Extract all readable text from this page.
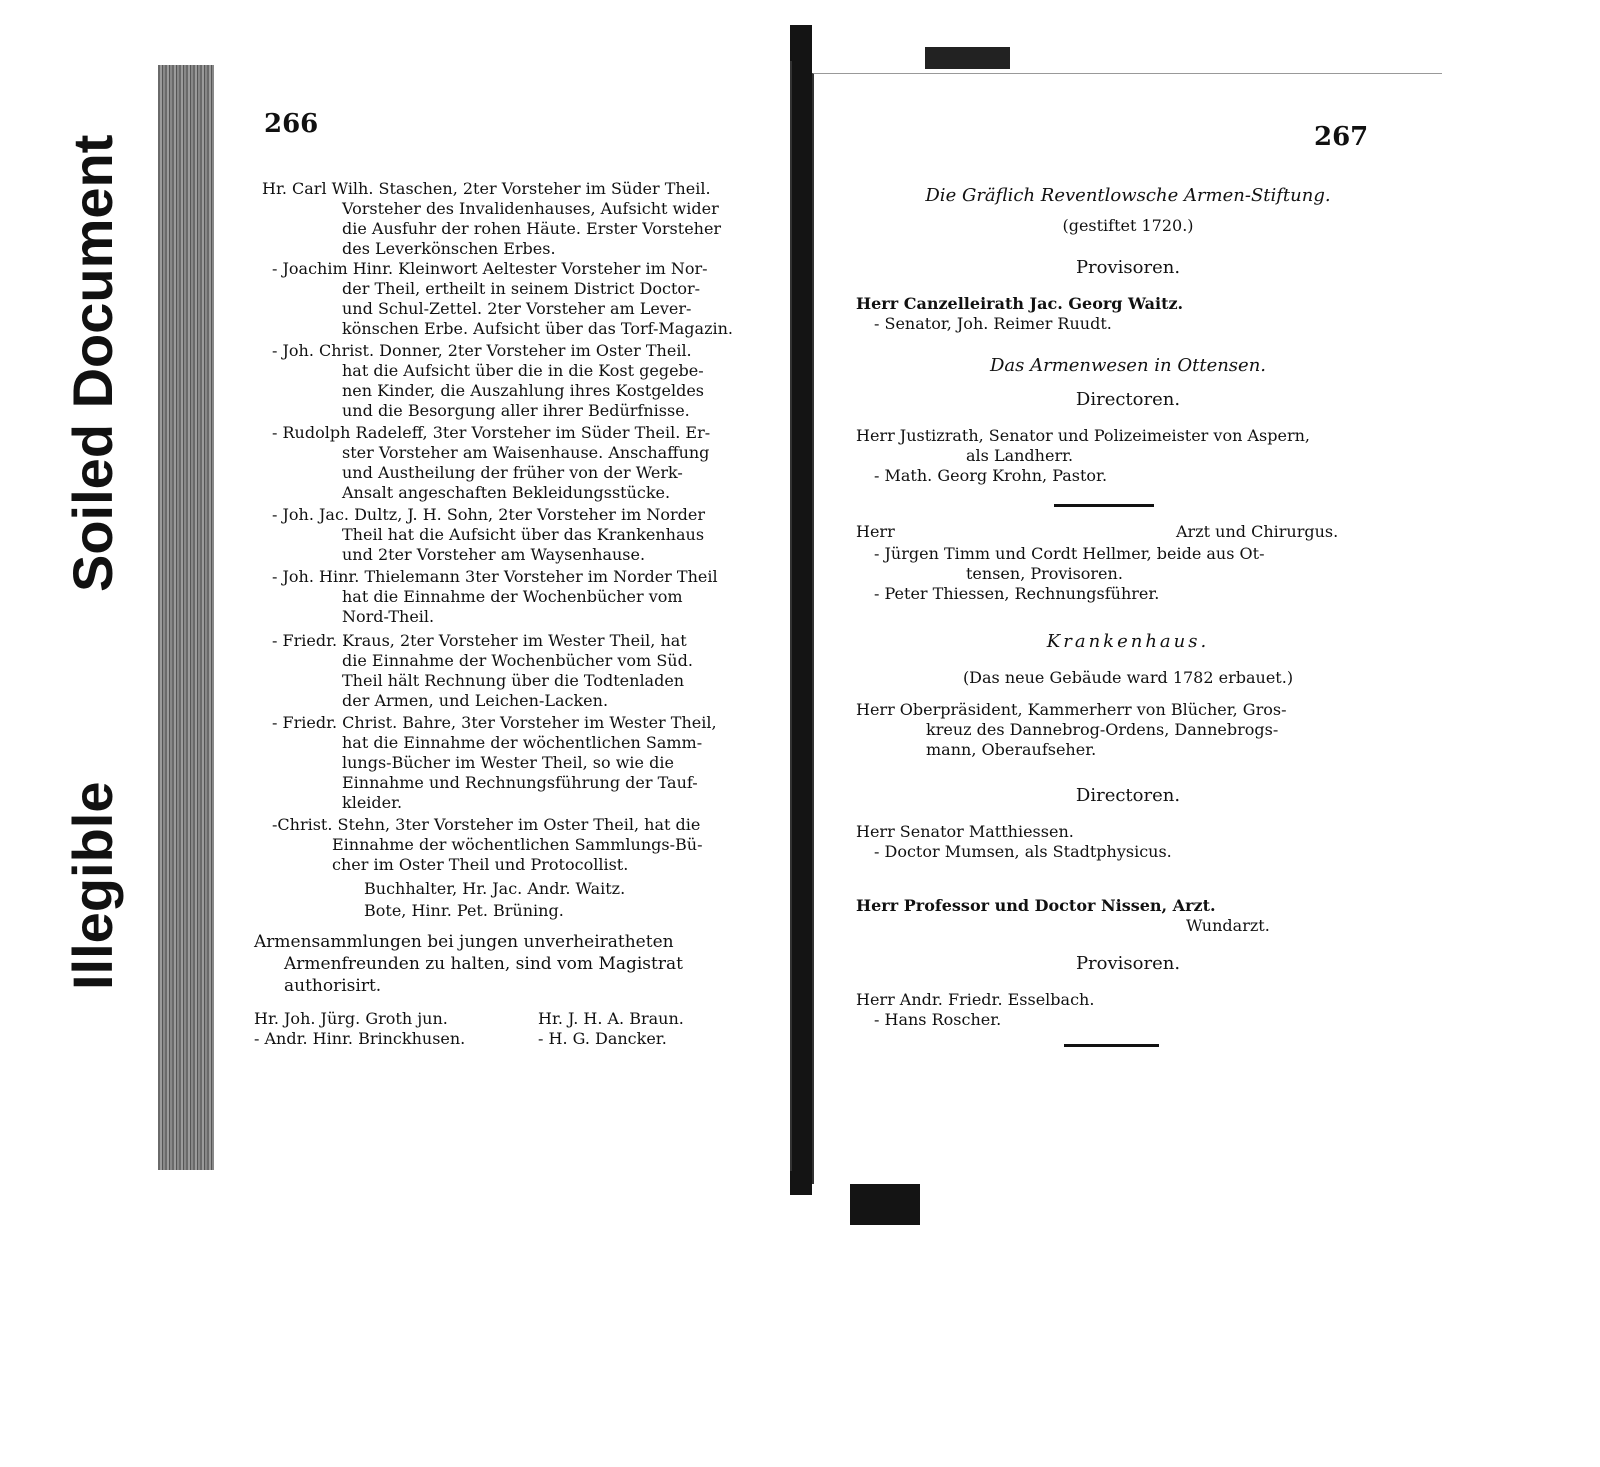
Soiled Document
Illegible
266
Hr. Carl Wilh. Staschen, 2ter Vorsteher im Süder Theil.
Vorsteher des Invalidenhauses, Aufsicht wider
die Ausfuhr der rohen Häute. Erster Vorsteher
des Leverkönschen Erbes.
- Joachim Hinr. Kleinwort Aeltester Vorsteher im Nor-
der Theil, ertheilt in seinem District Doctor-
und Schul-Zettel. 2ter Vorsteher am Lever-
könschen Erbe. Aufsicht über das Torf-Magazin.
- Joh. Christ. Donner, 2ter Vorsteher im Oster Theil.
hat die Aufsicht über die in die Kost gegebe-
nen Kinder, die Auszahlung ihres Kostgeldes
und die Besorgung aller ihrer Bedürfnisse.
- Rudolph Radeleff, 3ter Vorsteher im Süder Theil. Er-
ster Vorsteher am Waisenhause. Anschaffung
und Austheilung der früher von der Werk-
Ansalt angeschaften Bekleidungsstücke.
- Joh. Jac. Dultz, J. H. Sohn, 2ter Vorsteher im Norder
Theil hat die Aufsicht über das Krankenhaus
und 2ter Vorsteher am Waysenhause.
- Joh. Hinr. Thielemann 3ter Vorsteher im Norder Theil
hat die Einnahme der Wochenbücher vom
Nord-Theil.
- Friedr. Kraus, 2ter Vorsteher im Wester Theil, hat
die Einnahme der Wochenbücher vom Süd.
Theil hält Rechnung über die Todtenladen
der Armen, und Leichen-Lacken.
- Friedr. Christ. Bahre, 3ter Vorsteher im Wester Theil,
hat die Einnahme der wöchentlichen Samm-
lungs-Bücher im Wester Theil, so wie die
Einnahme und Rechnungsführung der Tauf-
kleider.
-Christ. Stehn, 3ter Vorsteher im Oster Theil, hat die
Einnahme der wöchentlichen Sammlungs-Bü-
cher im Oster Theil und Protocollist.
Buchhalter, Hr. Jac. Andr. Waitz.
Bote, Hinr. Pet. Brüning.
Armensammlungen bei jungen unverheiratheten
Armenfreunden zu halten, sind vom Magistrat
authorisirt.
Hr. Joh. Jürg. Groth jun.
- Andr. Hinr. Brinckhusen.
Hr. J. H. A. Braun.
- H. G. Dancker.
267
Die Gräflich Reventlowsche Armen-Stiftung.
(gestiftet 1720.)
Provisoren.
Herr Canzelleirath Jac. Georg Waitz.
- Senator, Joh. Reimer Ruudt.
Das Armenwesen in Ottensen.
Directoren.
Herr Justizrath, Senator und Polizeimeister von Aspern,
als Landherr.
- Math. Georg Krohn, Pastor.
Herr	Arzt und Chirurgus.
- Jürgen Timm und Cordt Hellmer, beide aus Ot-
tensen, Provisoren.
- Peter Thiessen, Rechnungsführer.
Krankenhaus.
(Das neue Gebäude ward 1782 erbauet.)
Herr Oberpräsident, Kammerherr von Blücher, Gros-
kreuz des Dannebrog-Ordens, Dannebrogs-
mann, Oberaufseher.
Directoren.
Herr Senator Matthiessen.
- Doctor Mumsen, als Stadtphysicus.
Herr Professor und Doctor Nissen, Arzt.
Wundarzt.
Provisoren.
Herr Andr. Friedr. Esselbach.
- Hans Roscher.
